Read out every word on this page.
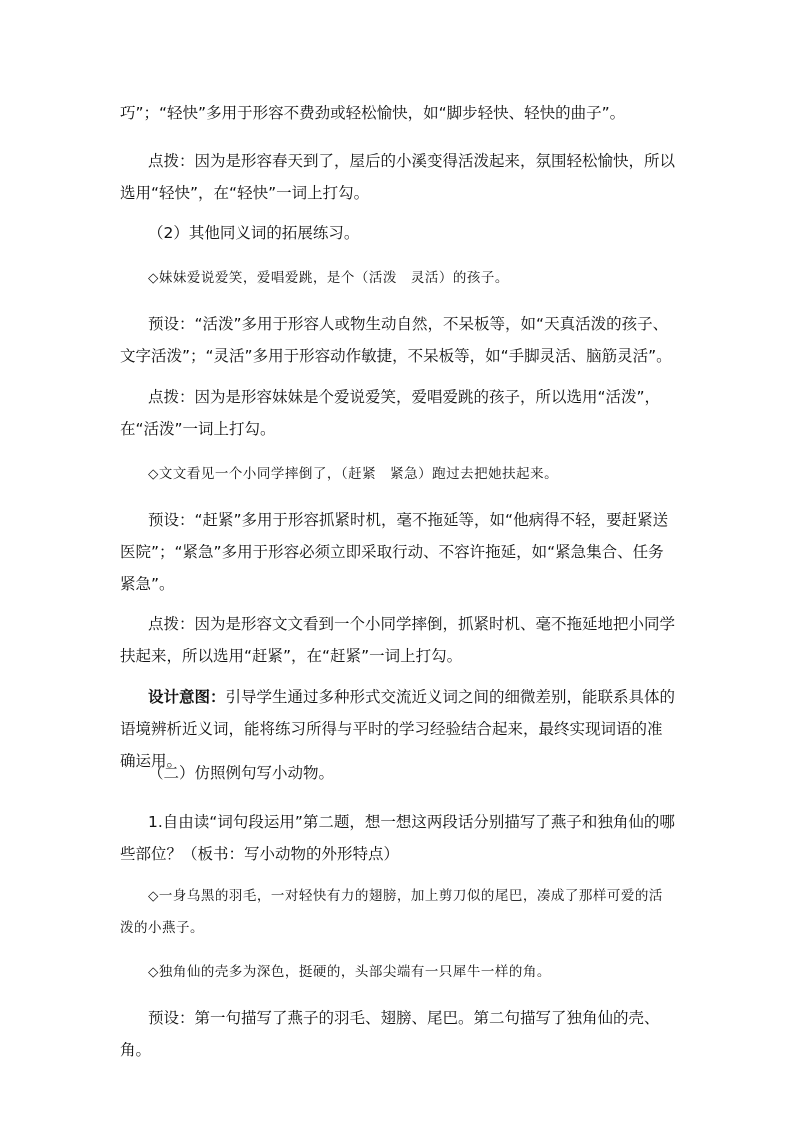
巧”；“轻快”多用于形容不费劲或轻松愉快，如“脚步轻快、轻快的曲子”。

点拨：因为是形容春天到了，屋后的小溪变得活泼起来，氛围轻松愉快，所以选用“轻快”，在“轻快”一词上打勾。

（2）其他同义词的拓展练习。

◇妹妹爱说爱笑，爱唱爱跳，是个（活泼　灵活）的孩子。

预设：“活泼”多用于形容人或物生动自然，不呆板等，如“天真活泼的孩子、文字活泼”；“灵活”多用于形容动作敏捷，不呆板等，如“手脚灵活、脑筋灵活”。

点拨：因为是形容妹妹是个爱说爱笑，爱唱爱跳的孩子，所以选用“活泼”，在“活泼”一词上打勾。

◇文文看见一个小同学摔倒了，（赶紧　紧急）跑过去把她扶起来。

预设：“赶紧”多用于形容抓紧时机，毫不拖延等，如“他病得不轻，要赶紧送医院”；“紧急”多用于形容必须立即采取行动、不容许拖延，如“紧急集合、任务紧急”。

点拨：因为是形容文文看到一个小同学摔倒，抓紧时机、毫不拖延地把小同学扶起来，所以选用“赶紧”，在“赶紧”一词上打勾。

设计意图：引导学生通过多种形式交流近义词之间的细微差别，能联系具体的语境辨析近义词，能将练习所得与平时的学习经验结合起来，最终实现词语的准确运用。

（二）仿照例句写小动物。

1.自由读“词句段运用”第二题，想一想这两段话分别描写了燕子和独角仙的哪些部位？（板书：写小动物的外形特点）

◇一身乌黑的羽毛，一对轻快有力的翅膀，加上剪刀似的尾巴，凑成了那样可爱的活泼的小燕子。

◇独角仙的壳多为深色，挺硬的，头部尖端有一只犀牛一样的角。

预设：第一句描写了燕子的羽毛、翅膀、尾巴。第二句描写了独角仙的壳、角。
